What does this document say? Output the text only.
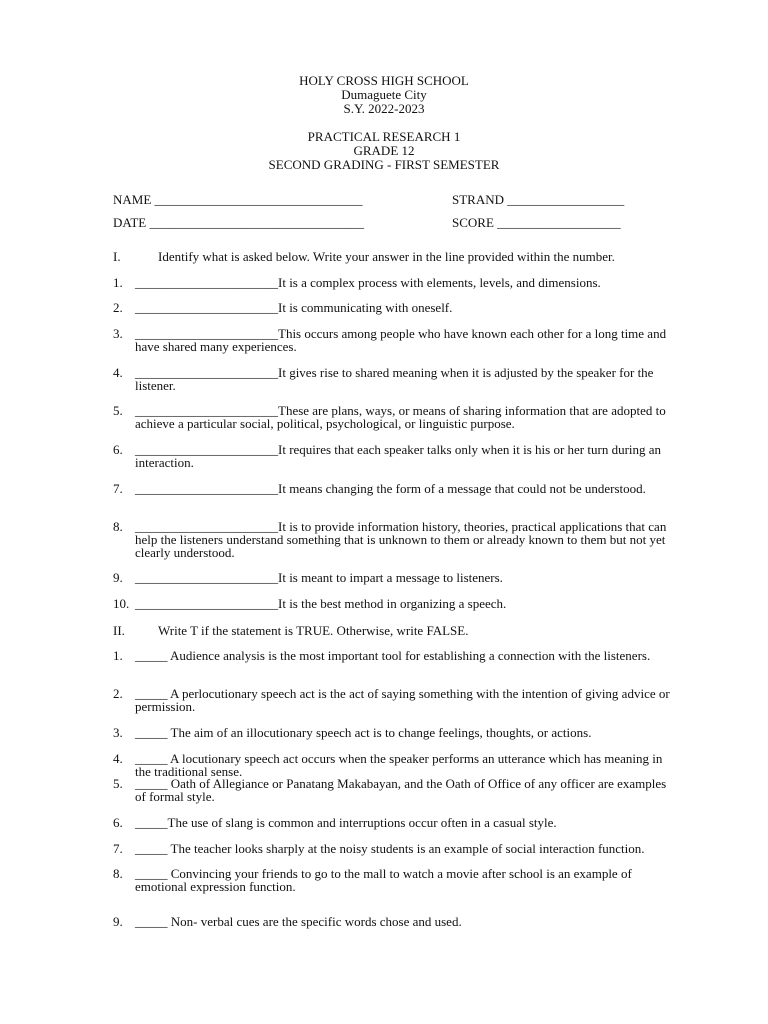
HOLY CROSS HIGH SCHOOL
Dumaguete City
S.Y. 2022-2023
PRACTICAL RESEARCH 1
GRADE 12
SECOND GRADING - FIRST SEMESTER
NAME ________________________________	STRAND __________________
DATE _________________________________	SCORE ___________________
I.	Identify what is asked below. Write your answer in the line provided within the number.
1. ______________________It is a complex process with elements, levels, and dimensions.
2. ______________________It is communicating with oneself.
3. ______________________This occurs among people who have known each other for a long time and have shared many experiences.
4. ______________________It gives rise to shared meaning when it is adjusted by the speaker for the listener.
5. ______________________These are plans, ways, or means of sharing information that are adopted to achieve a particular social, political, psychological, or linguistic purpose.
6. ______________________It requires that each speaker talks only when it is his or her turn during an interaction.
7. ______________________It means changing the form of a message that could not be understood.
8. ______________________It is to provide information history, theories, practical applications that can help the listeners understand something that is unknown to them or already known to them but not yet clearly understood.
9. ______________________It is meant to impart a message to listeners.
10. ______________________It is the best method in organizing a speech.
II.	Write T if the statement is TRUE. Otherwise, write FALSE.
1. _____ Audience analysis is the most important tool for establishing a connection with the listeners.
2. _____ A perlocutionary speech act is the act of saying something with the intention of giving advice or permission.
3. _____ The aim of an illocutionary speech act is to change feelings, thoughts, or actions.
4. _____ A locutionary speech act occurs when the speaker performs an utterance which has meaning in the traditional sense.
5. _____ Oath of Allegiance or Panatang Makabayan, and the Oath of Office of any officer are examples of formal style.
6. _____The use of slang is common and interruptions occur often in a casual style.
7. _____ The teacher looks sharply at the noisy students is an example of social interaction function.
8. _____ Convincing your friends to go to the mall to watch a movie after school is an example of emotional expression function.
9. _____ Non- verbal cues are the specific words chose and used.
